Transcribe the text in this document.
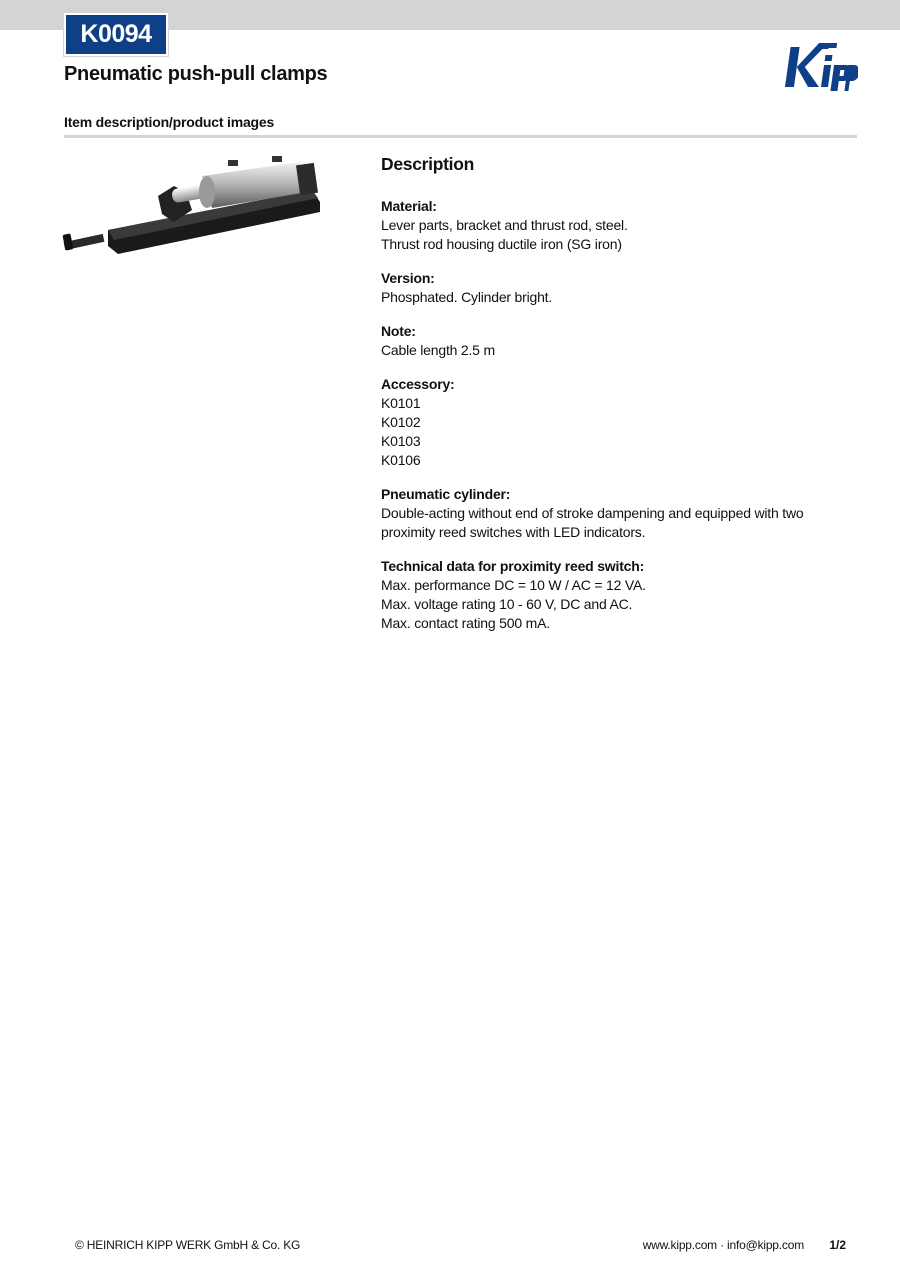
K0094
Pneumatic push-pull clamps
Kipp
Item description/product images
Description
Material:
Lever parts, bracket and thrust rod, steel.
Thrust rod housing ductile iron (SG iron)
Version:
Phosphated. Cylinder bright.
Note:
Cable length 2.5 m
Accessory:
K0101
K0102
K0103
K0106
Pneumatic cylinder:
Double-acting without end of stroke dampening and equipped with two proximity reed switches with LED indicators.
Technical data for proximity reed switch:
Max. performance DC = 10 W / AC = 12 VA.
Max. voltage rating 10 - 60 V, DC and AC.
Max. contact rating 500 mA.
© HEINRICH KIPP WERK GmbH & Co. KG	www.kipp.com · info@kipp.com 1/2
